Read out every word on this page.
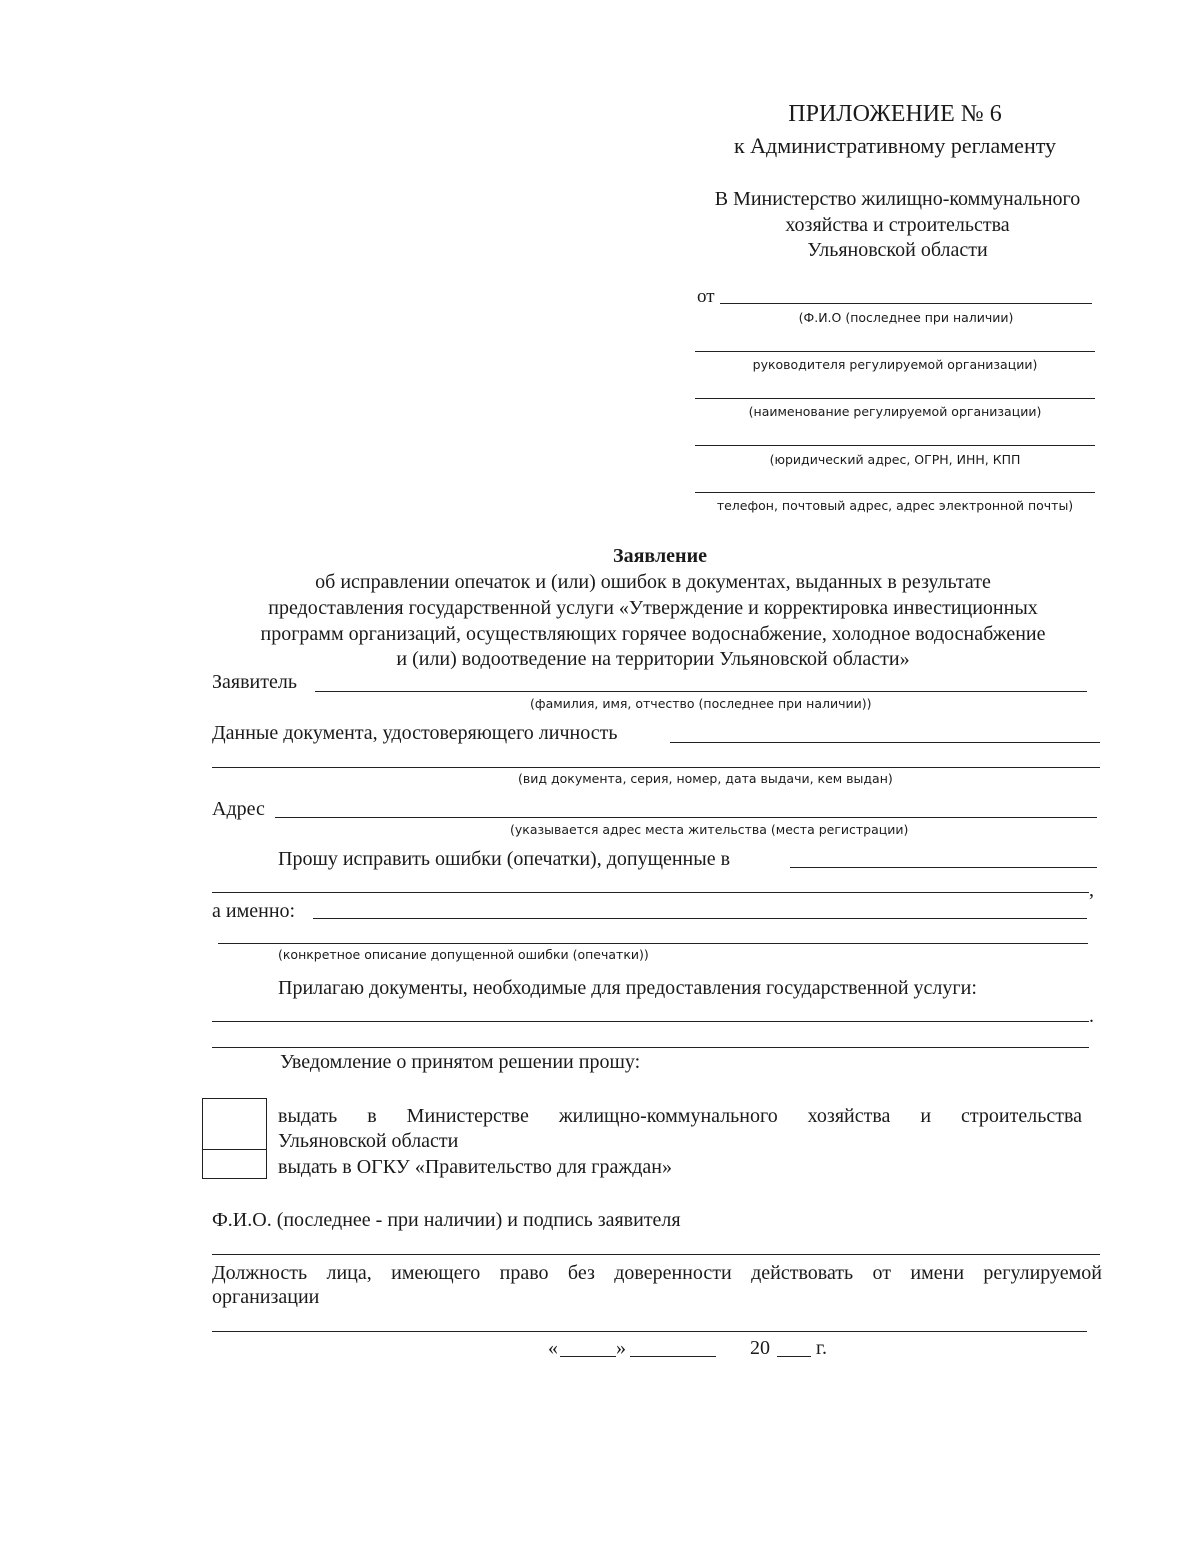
ПРИЛОЖЕНИЕ № 6
к Административному регламенту
В Министерство жилищно-коммунального
хозяйства и строительства
Ульяновской области
от
(Ф.И.О (последнее при наличии)
руководителя регулируемой организации)
(наименование регулируемой организации)
(юридический адрес, ОГРН, ИНН, КПП
телефон, почтовый адрес, адрес электронной почты)
Заявление
об исправлении опечаток и (или) ошибок в документах, выданных в результате
предоставления государственной услуги «Утверждение и корректировка инвестиционных
программ организаций, осуществляющих горячее водоснабжение, холодное водоснабжение
и (или) водоотведение на территории Ульяновской области»
Заявитель
(фамилия, имя, отчество (последнее при наличии))
Данные документа, удостоверяющего личность
(вид документа, серия, номер, дата выдачи, кем выдан)
Адрес
(указывается адрес места жительства (места регистрации)
Прошу исправить ошибки (опечатки), допущенные в
,
а именно:
(конкретное описание допущенной ошибки (опечатки))
Прилагаю документы, необходимые для предоставления государственной услуги:
.
Уведомление о принятом решении прошу:
выдать в Министерстве жилищно-коммунального хозяйства и строительства
Ульяновской области
выдать в ОГКУ «Правительство для граждан»
Ф.И.О. (последнее - при наличии) и подпись заявителя
Должность лица, имеющего право без доверенности действовать от имени регулируемой
организации
«	»	20 г.
